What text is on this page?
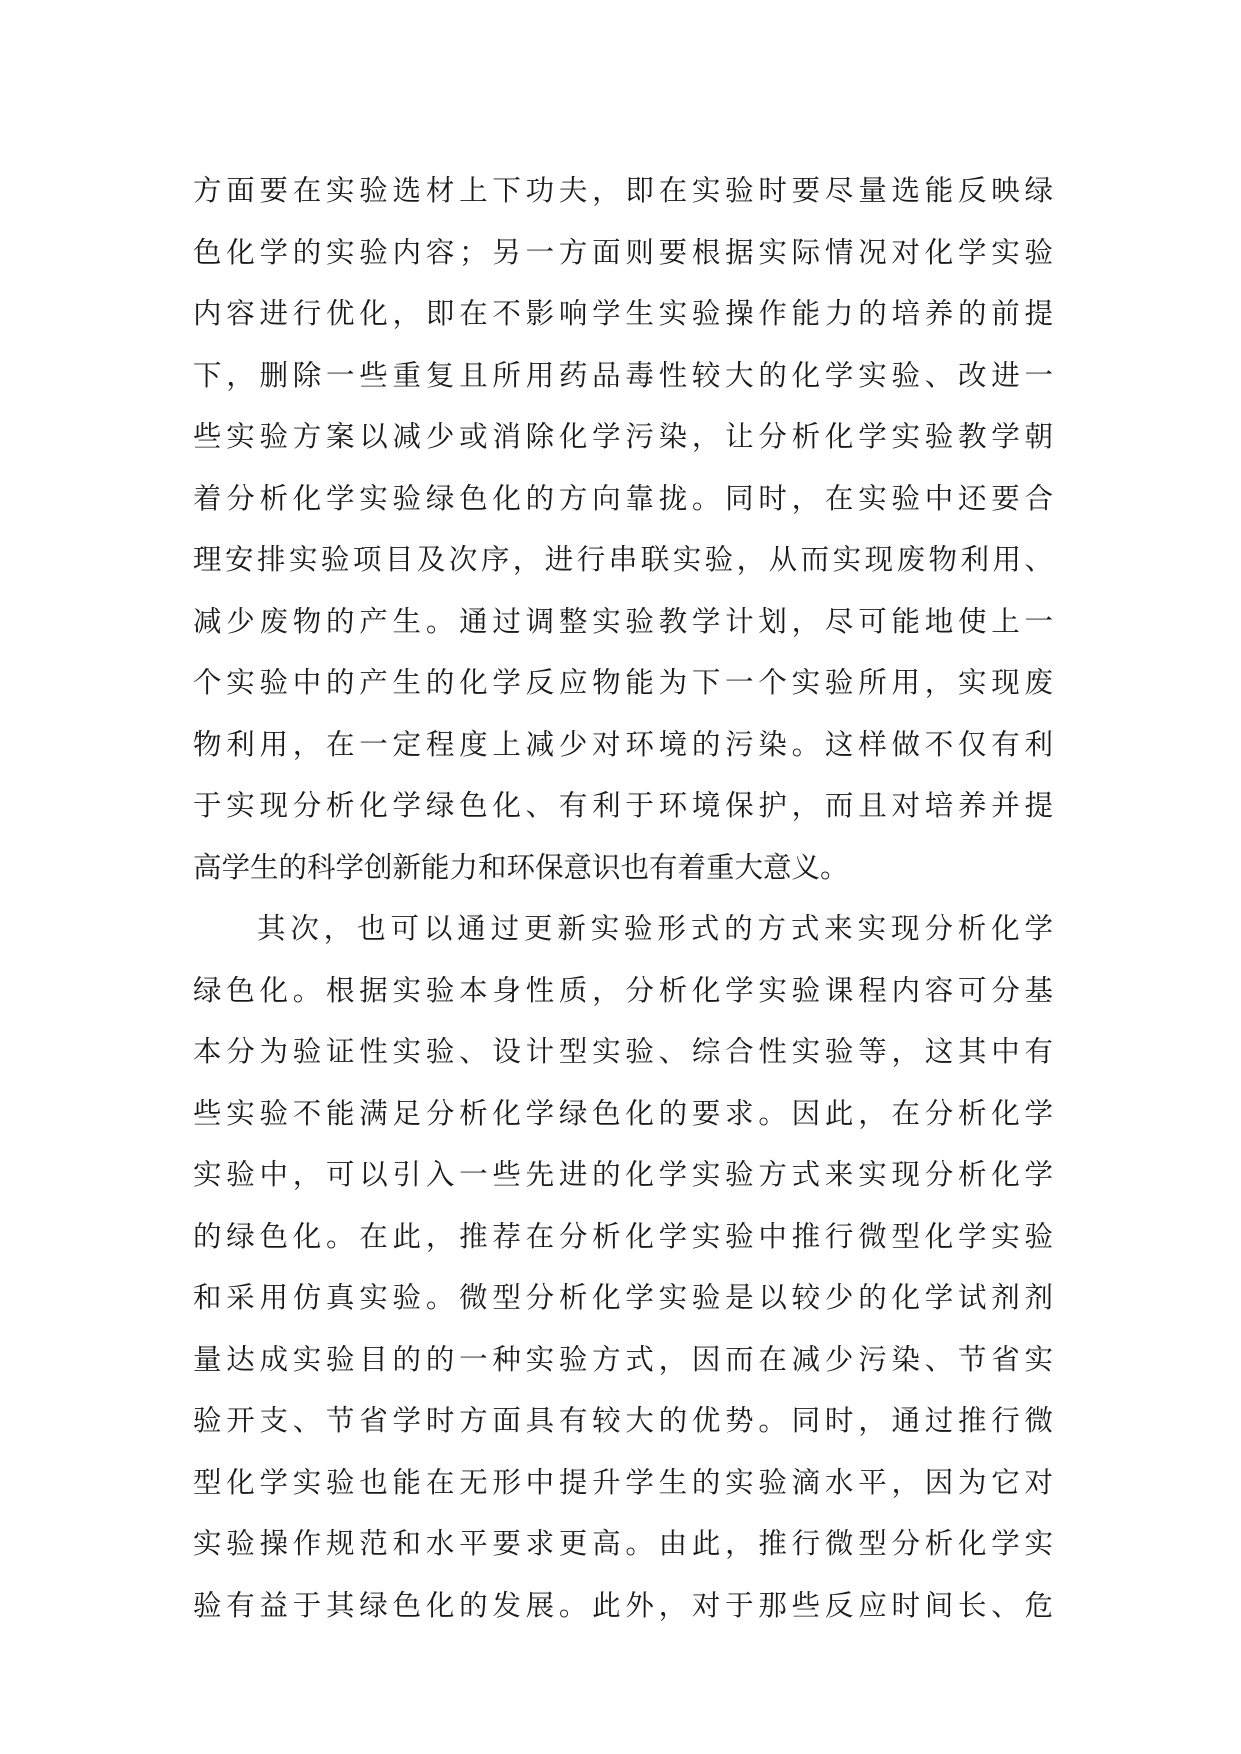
方面要在实验选材上下功夫，即在实验时要尽量选能反映绿
色化学的实验内容；另一方面则要根据实际情况对化学实验
内容进行优化，即在不影响学生实验操作能力的培养的前提
下，删除一些重复且所用药品毒性较大的化学实验、改进一
些实验方案以减少或消除化学污染，让分析化学实验教学朝
着分析化学实验绿色化的方向靠拢。同时，在实验中还要合
理安排实验项目及次序，进行串联实验，从而实现废物利用、
减少废物的产生。通过调整实验教学计划，尽可能地使上一
个实验中的产生的化学反应物能为下一个实验所用，实现废
物利用，在一定程度上减少对环境的污染。这样做不仅有利
于实现分析化学绿色化、有利于环境保护，而且对培养并提
高学生的科学创新能力和环保意识也有着重大意义。
其次，也可以通过更新实验形式的方式来实现分析化学
绿色化。根据实验本身性质，分析化学实验课程内容可分基
本分为验证性实验、设计型实验、综合性实验等，这其中有
些实验不能满足分析化学绿色化的要求。因此，在分析化学
实验中，可以引入一些先进的化学实验方式来实现分析化学
的绿色化。在此，推荐在分析化学实验中推行微型化学实验
和采用仿真实验。微型分析化学实验是以较少的化学试剂剂
量达成实验目的的一种实验方式，因而在减少污染、节省实
验开支、节省学时方面具有较大的优势。同时，通过推行微
型化学实验也能在无形中提升学生的实验滴水平，因为它对
实验操作规范和水平要求更高。由此，推行微型分析化学实
验有益于其绿色化的发展。此外，对于那些反应时间长、危
